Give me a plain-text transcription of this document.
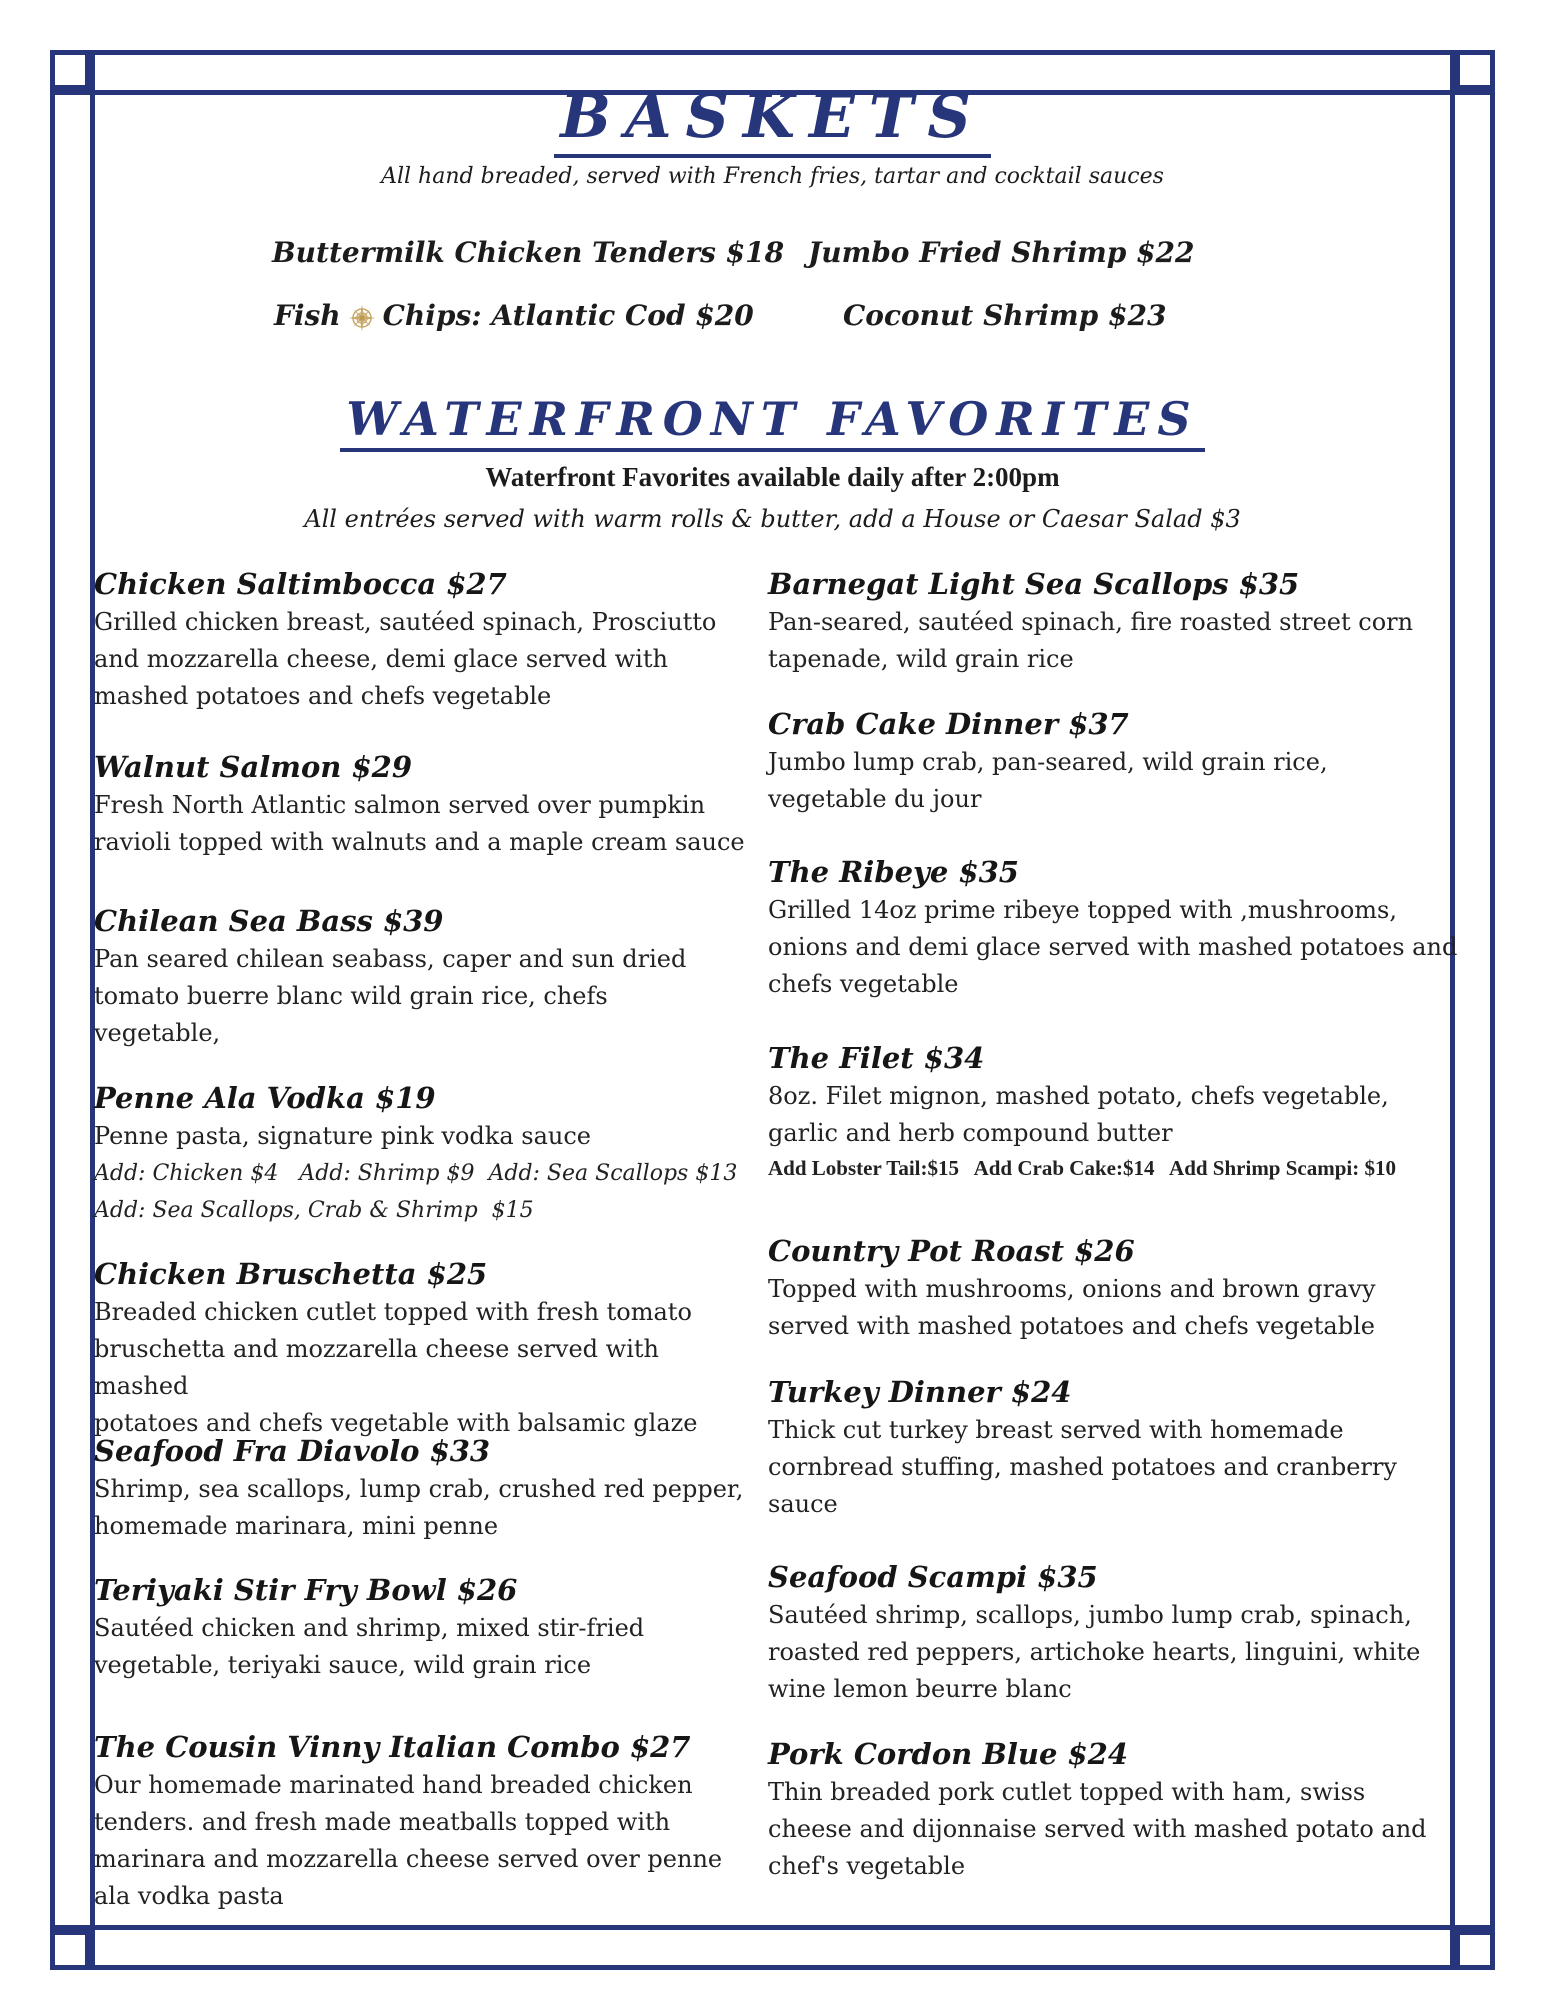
BASKETS

All hand breaded, served with French fries, tartar and cocktail sauces

Buttermilk Chicken Tenders $18 Jumbo Fried Shrimp $22
Fish Chips: Atlantic Cod $20	Coconut Shrimp $23
WATERFRONT FAVORITES

Waterfront Favorites available daily after 2:00pm

All entrées served with warm rolls & butter, add a House or Caesar Salad $3

Chicken Saltimbocca $27
Grilled chicken breast, sautéed spinach, Prosciutto
and mozzarella cheese, demi glace served with
mashed potatoes and chefs vegetable
Walnut Salmon $29
Fresh North Atlantic salmon served over pumpkin
ravioli topped with walnuts and a maple cream sauce
Chilean Sea Bass $39
Pan seared chilean seabass, caper and sun dried
tomato buerre blanc wild grain rice, chefs
vegetable,
Penne Ala Vodka $19
Penne pasta, signature pink vodka sauce
Add: Chicken $4   Add: Shrimp $9  Add: Sea Scallops $13
Add: Sea Scallops, Crab & Shrimp  $15
Chicken Bruschetta $25
Breaded chicken cutlet topped with fresh tomato
bruschetta and mozzarella cheese served with mashed
potatoes and chefs vegetable with balsamic glaze
Seafood Fra Diavolo $33
Shrimp, sea scallops, lump crab, crushed red pepper,
homemade marinara, mini penne
Teriyaki Stir Fry Bowl $26
Sautéed chicken and shrimp, mixed stir-fried
vegetable, teriyaki sauce, wild grain rice
The Cousin Vinny Italian Combo $27
Our homemade marinated hand breaded chicken
tenders. and fresh made meatballs topped with
marinara and mozzarella cheese served over penne
ala vodka pasta
Barnegat Light Sea Scallops $35
Pan-seared, sautéed spinach, fire roasted street corn
tapenade, wild grain rice
Crab Cake Dinner $37
Jumbo lump crab, pan-seared, wild grain rice,
vegetable du jour
The Ribeye $35
Grilled 14oz prime ribeye topped with ,mushrooms,
onions and demi glace served with mashed potatoes and
chefs vegetable
The Filet $34
8oz. Filet mignon, mashed potato, chefs vegetable,
garlic and herb compound butter
Add Lobster Tail:$15   Add Crab Cake:$14   Add Shrimp Scampi: $10
Country Pot Roast $26
Topped with mushrooms, onions and brown gravy
served with mashed potatoes and chefs vegetable
Turkey Dinner $24
Thick cut turkey breast served with homemade
cornbread stuffing, mashed potatoes and cranberry
sauce
Seafood Scampi $35
Sautéed shrimp, scallops, jumbo lump crab, spinach,
roasted red peppers, artichoke hearts, linguini, white
wine lemon beurre blanc
Pork Cordon Blue $24
Thin breaded pork cutlet topped with ham, swiss
cheese and dijonnaise served with mashed potato and
chef's vegetable
